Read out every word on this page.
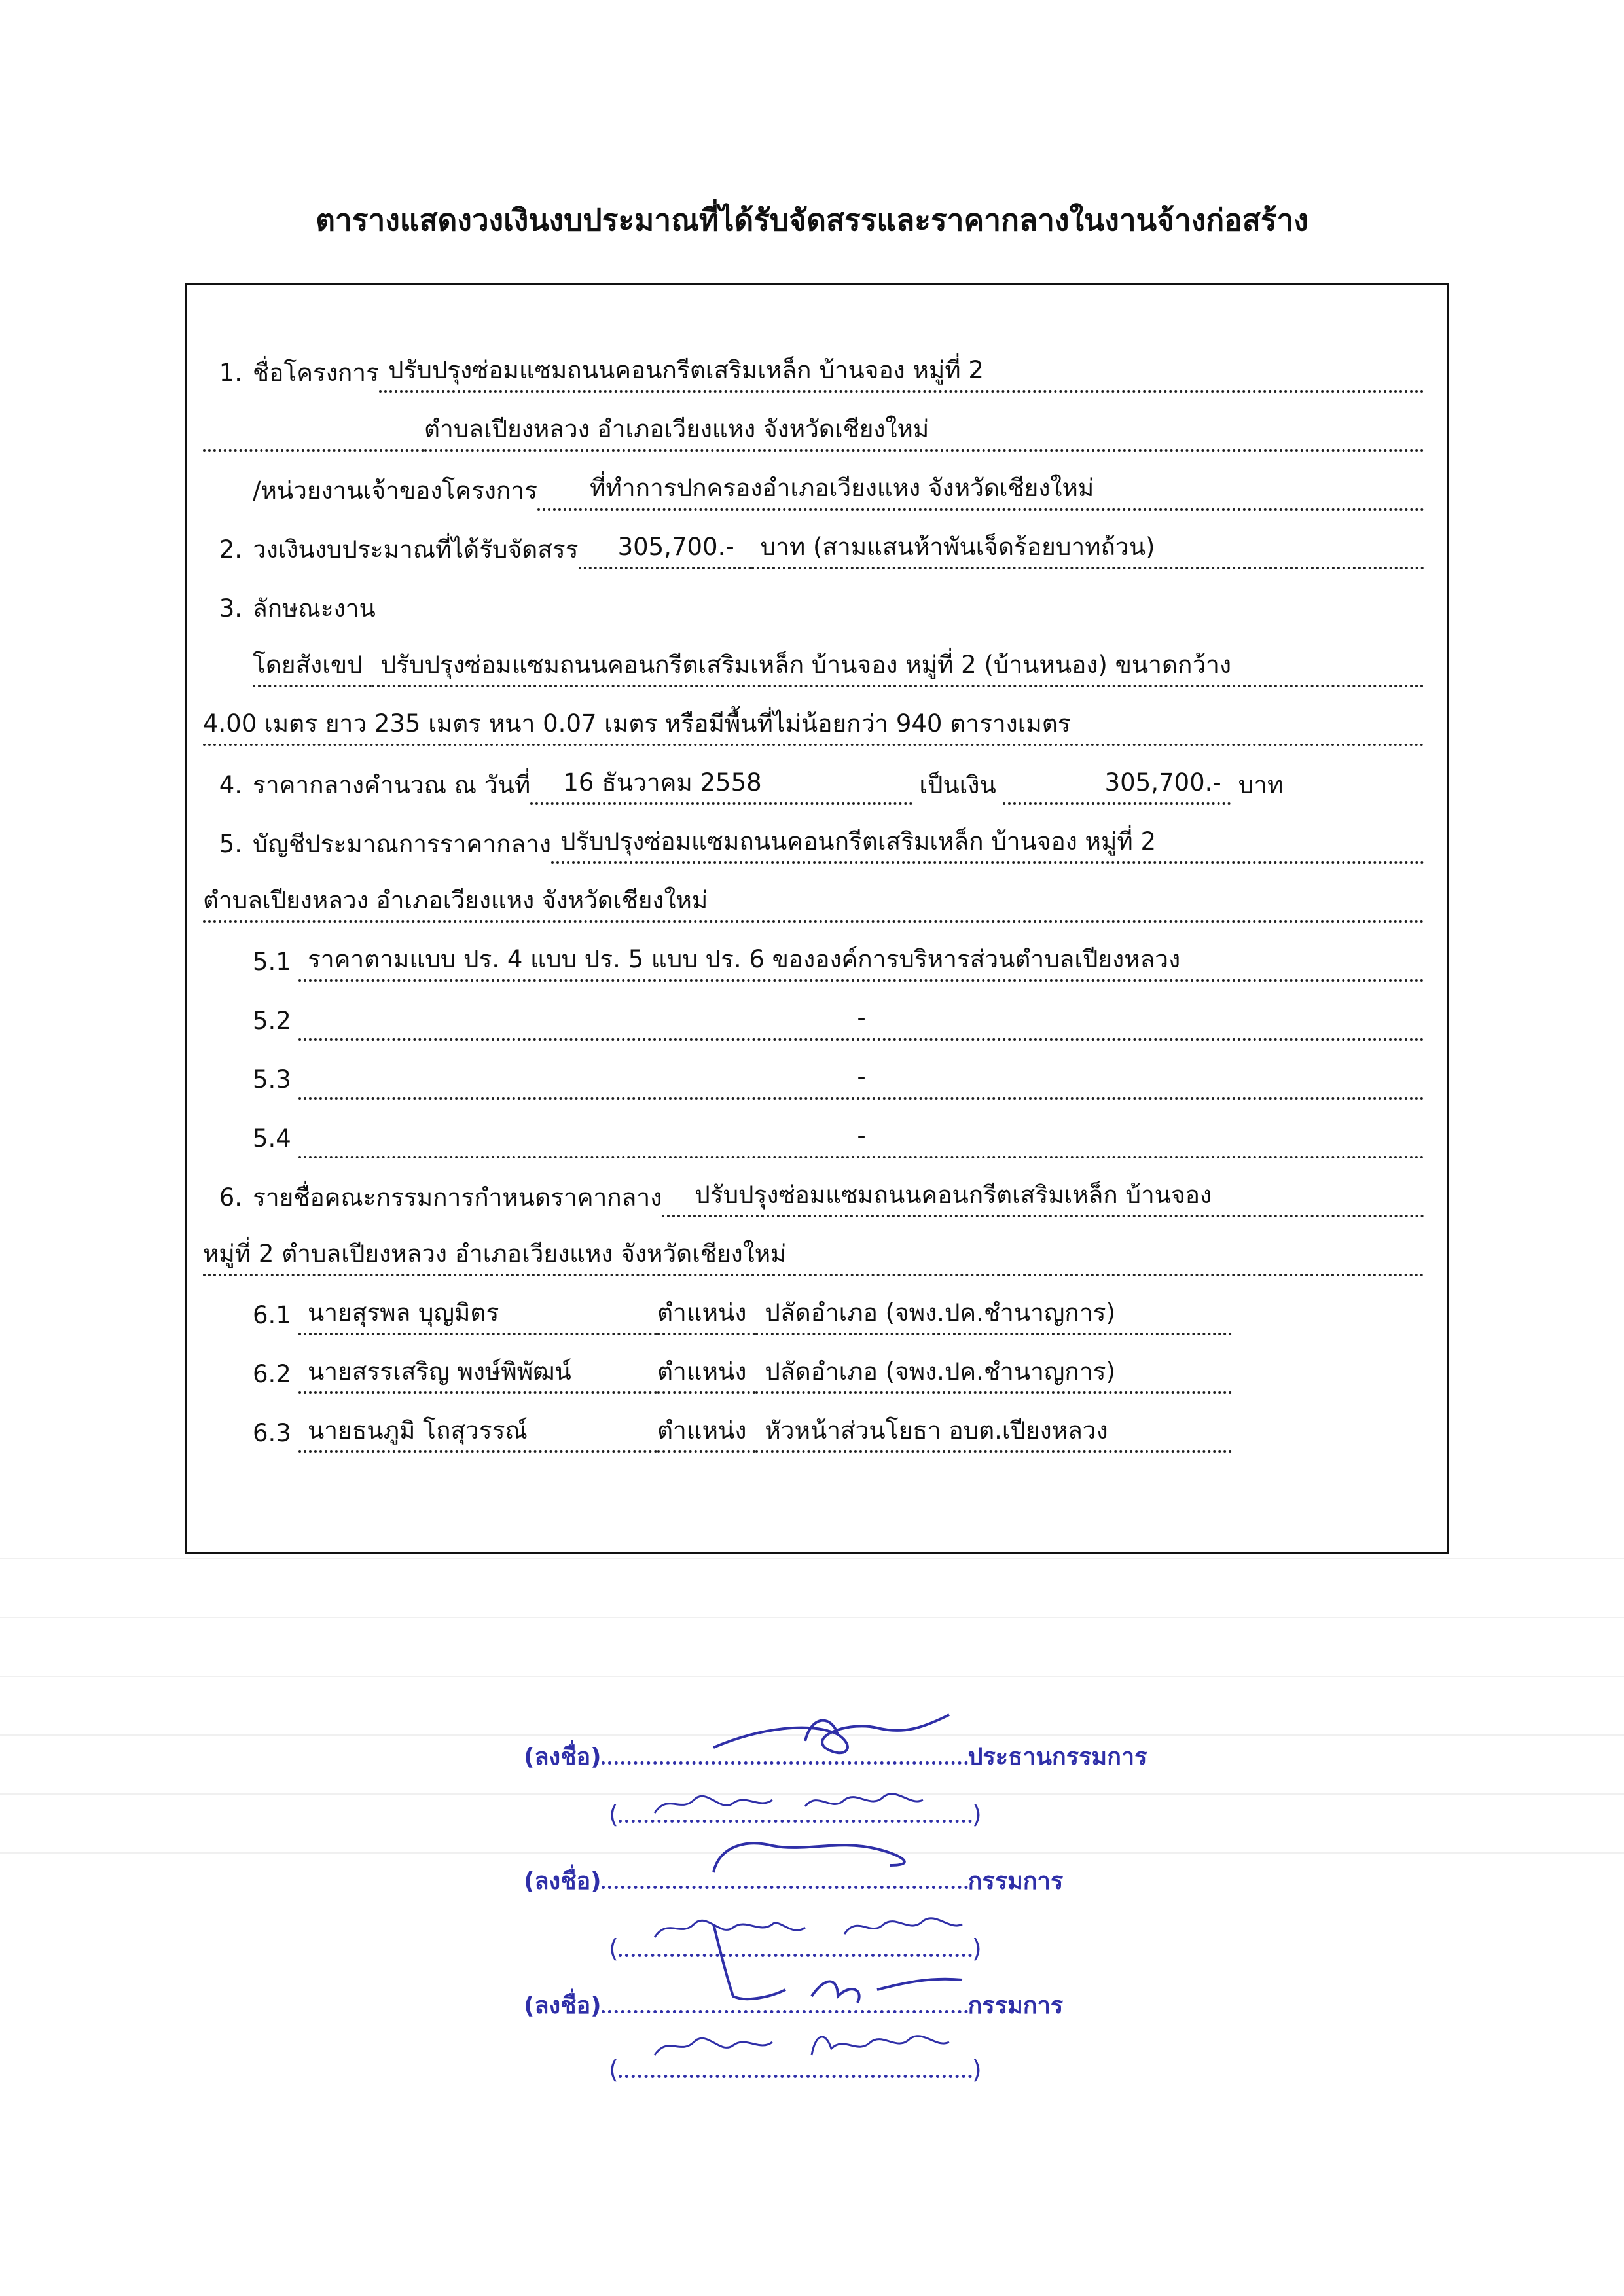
ตารางแสดงวงเงินงบประมาณที่ได้รับจัดสรรและราคากลางในงานจ้างก่อสร้าง
1. ชื่อโครงการ ปรับปรุงซ่อมแซมถนนคอนกรีตเสริมเหล็ก บ้านจอง หมู่ที่ 2
ตำบลเปียงหลวง อำเภอเวียงแหง จังหวัดเชียงใหม่
/หน่วยงานเจ้าของโครงการ	ที่ทำการปกครองอำเภอเวียงแหง จังหวัดเชียงใหม่
2. วงเงินงบประมาณที่ได้รับจัดสรร	305,700.-	บาท (สามแสนห้าพันเจ็ดร้อยบาทถ้วน)
3. ลักษณะงาน
โดยสังเขป ปรับปรุงซ่อมแซมถนนคอนกรีตเสริมเหล็ก บ้านจอง หมู่ที่ 2 (บ้านหนอง) ขนาดกว้าง
4.00 เมตร ยาว 235 เมตร หนา 0.07 เมตร หรือมีพื้นที่ไม่น้อยกว่า 940 ตารางเมตร
4. ราคากลางคำนวณ ณ วันที่	16 ธันวาคม 2558	เป็นเงิน	305,700.- บาท
5. บัญชีประมาณการราคากลาง ปรับปรุงซ่อมแซมถนนคอนกรีตเสริมเหล็ก บ้านจอง หมู่ที่ 2
ตำบลเปียงหลวง อำเภอเวียงแหง จังหวัดเชียงใหม่
5.1 ราคาตามแบบ ปร. 4 แบบ ปร. 5 แบบ ปร. 6 ขององค์การบริหารส่วนตำบลเปียงหลวง
5.2	-
5.3	-
5.4	-
6. รายชื่อคณะกรรมการกำหนดราคากลาง	ปรับปรุงซ่อมแซมถนนคอนกรีตเสริมเหล็ก บ้านจอง
หมู่ที่ 2 ตำบลเปียงหลวง อำเภอเวียงแหง จังหวัดเชียงใหม่
6.1 นายสุรพล บุญมิตร	ตำแหน่ง ปลัดอำเภอ (จพง.ปค.ชำนาญการ)
6.2 นายสรรเสริญ พงษ์พิพัฒน์	ตำแหน่ง ปลัดอำเภอ (จพง.ปค.ชำนาญการ)
6.3 นายธนภูมิ โถสุวรรณ์	ตำแหน่ง หัวหน้าส่วนโยธา อบต.เปียงหลวง
(ลงชื่อ)	ประธานกรรมการ
(	)
(ลงชื่อ)	กรรมการ
(	)
(ลงชื่อ)	กรรมการ
(	)
